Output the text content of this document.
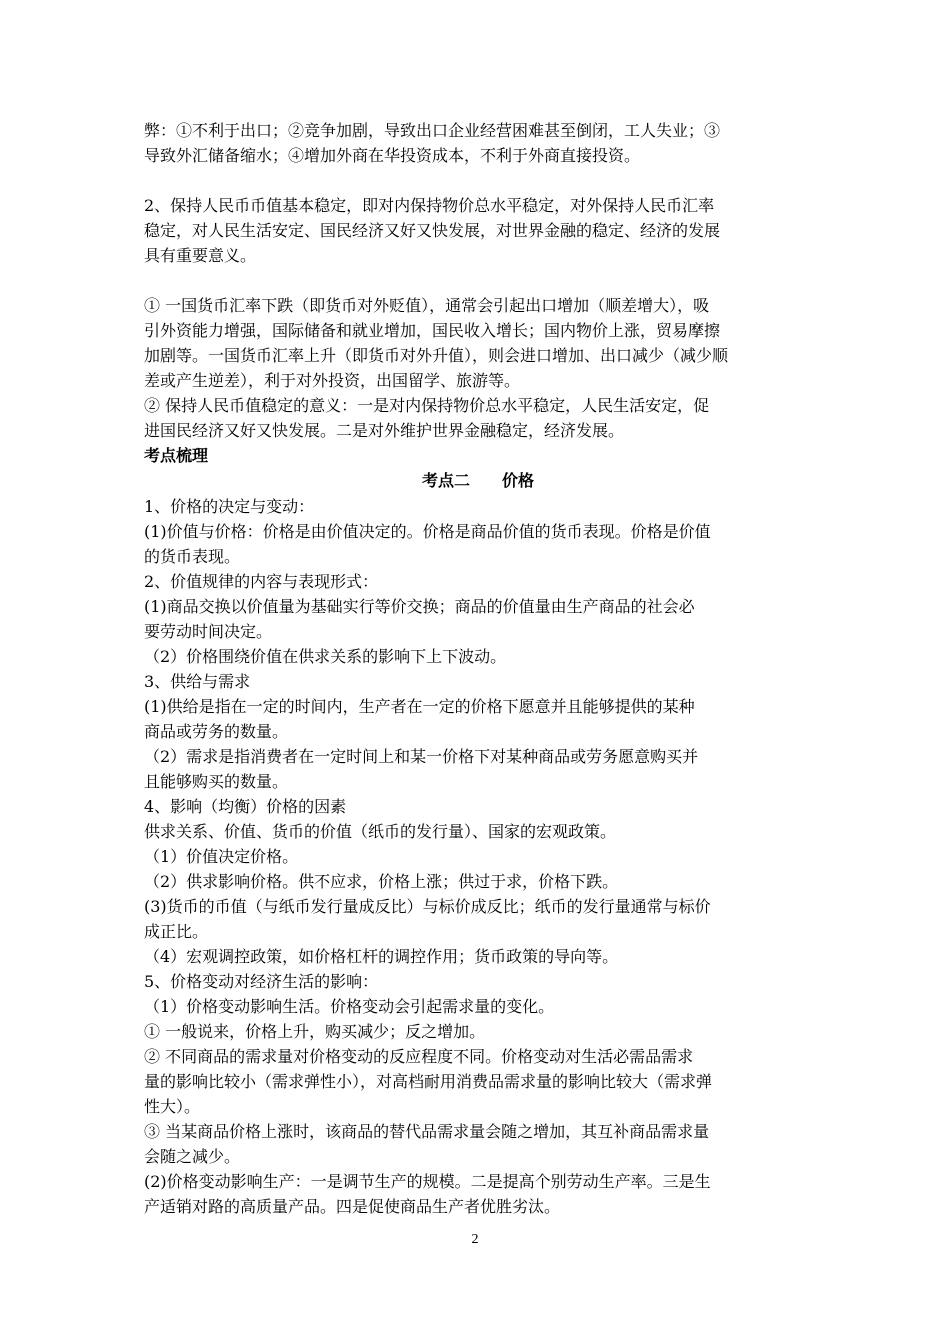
弊：①不利于出口；②竞争加剧，导致出口企业经营困难甚至倒闭，工人失业；③
导致外汇储备缩水；④增加外商在华投资成本，不利于外商直接投资。
2、保持人民币币值基本稳定，即对内保持物价总水平稳定，对外保持人民币汇率
稳定，对人民生活安定、国民经济又好又快发展，对世界金融的稳定、经济的发展
具有重要意义。
① 一国货币汇率下跌（即货币对外贬值），通常会引起出口增加（顺差增大），吸
引外资能力增强，国际储备和就业增加，国民收入增长；国内物价上涨，贸易摩擦
加剧等。一国货币汇率上升（即货币对外升值），则会进口增加、出口减少（减少顺
差或产生逆差），利于对外投资，出国留学、旅游等。
② 保持人民币值稳定的意义：一是对内保持物价总水平稳定，人民生活安定，促
进国民经济又好又快发展。二是对外维护世界金融稳定，经济发展。
考点梳理
考点二　　价格
1、价格的决定与变动：
(1)价值与价格：价格是由价值决定的。价格是商品价值的货币表现。价格是价值
的货币表现。
2、价值规律的内容与表现形式：
(1)商品交换以价值量为基础实行等价交换；商品的价值量由生产商品的社会必
要劳动时间决定。
（2）价格围绕价值在供求关系的影响下上下波动。
3、供给与需求
(1)供给是指在一定的时间内，生产者在一定的价格下愿意并且能够提供的某种
商品或劳务的数量。
（2）需求是指消费者在一定时间上和某一价格下对某种商品或劳务愿意购买并
且能够购买的数量。
4、影响（均衡）价格的因素
供求关系、价值、货币的价值（纸币的发行量）、国家的宏观政策。
（1）价值决定价格。
（2）供求影响价格。供不应求，价格上涨；供过于求，价格下跌。
(3)货币的币值（与纸币发行量成反比）与标价成反比；纸币的发行量通常与标价
成正比。
（4）宏观调控政策，如价格杠杆的调控作用；货币政策的导向等。
5、价格变动对经济生活的影响：
（1）价格变动影响生活。价格变动会引起需求量的变化。
① 一般说来，价格上升，购买减少；反之增加。
② 不同商品的需求量对价格变动的反应程度不同。价格变动对生活必需品需求
量的影响比较小（需求弹性小），对高档耐用消费品需求量的影响比较大（需求弹
性大）。
③ 当某商品价格上涨时，该商品的替代品需求量会随之增加，其互补商品需求量
会随之减少。
(2)价格变动影响生产：一是调节生产的规模。二是提高个别劳动生产率。三是生
产适销对路的高质量产品。四是促使商品生产者优胜劣汰。
2
